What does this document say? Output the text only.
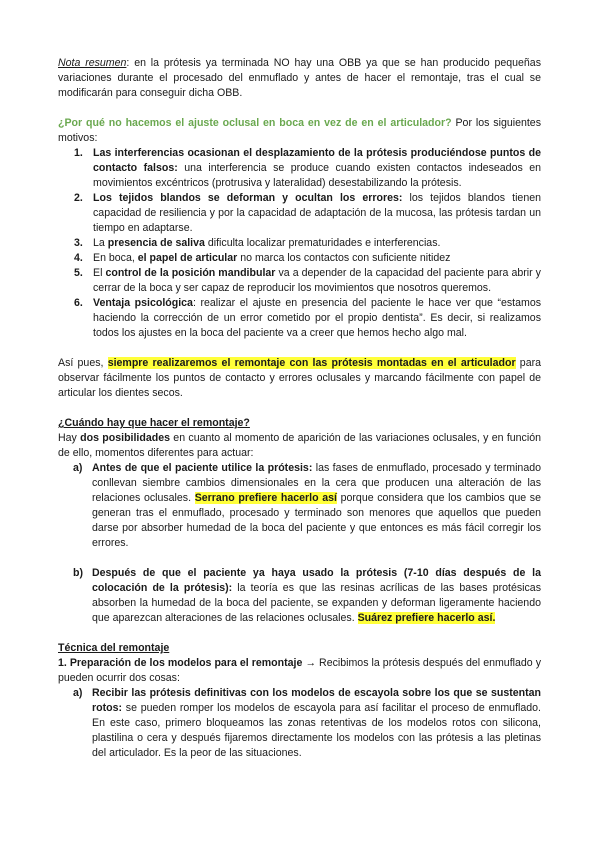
Nota resumen: en la prótesis ya terminada NO hay una OBB ya que se han producido pequeñas variaciones durante el procesado del enmuflado y antes de hacer el remontaje, tras el cual se modificarán para conseguir dicha OBB.

¿Por qué no hacemos el ajuste oclusal en boca en vez de en el articulador? Por los siguientes motivos:

1. Las interferencias ocasionan el desplazamiento de la prótesis produciéndose puntos de contacto falsos: una interferencia se produce cuando existen contactos indeseados en movimientos excéntricos (protrusiva y lateralidad) desestabilizando la prótesis.
2. Los tejidos blandos se deforman y ocultan los errores: los tejidos blandos tienen capacidad de resiliencia y por la capacidad de adaptación de la mucosa, las prótesis tardan un tiempo en adaptarse.
3. La presencia de saliva dificulta localizar prematuridades e interferencias.
4. En boca, el papel de articular no marca los contactos con suficiente nitidez
5. El control de la posición mandibular va a depender de la capacidad del paciente para abrir y cerrar de la boca y ser capaz de reproducir los movimientos que nosotros queremos.
6. Ventaja psicológica: realizar el ajuste en presencia del paciente le hace ver que “estamos haciendo la corrección de un error cometido por el propio dentista”. Es decir, si realizamos todos los ajustes en la boca del paciente va a creer que hemos hecho algo mal.

Así pues, siempre realizaremos el remontaje con las prótesis montadas en el articulador para observar fácilmente los puntos de contacto y errores oclusales y marcando fácilmente con papel de articular los dientes secos.

¿Cuándo hay que hacer el remontaje?

Hay dos posibilidades en cuanto al momento de aparición de las variaciones oclusales, y en función de ello, momentos diferentes para actuar:

a) Antes de que el paciente utilice la prótesis: las fases de enmuflado, procesado y terminado conllevan siembre cambios dimensionales en la cera que producen una alteración de las relaciones oclusales. Serrano prefiere hacerlo así porque considera que los cambios que se generan tras el enmuflado, procesado y terminado son menores que aquellos que pueden darse por absorber humedad de la boca del paciente y que entonces es más fácil corregir los errores.
b) Después de que el paciente ya haya usado la prótesis (7-10 días después de la colocación de la prótesis): la teoría es que las resinas acrílicas de las bases protésicas absorben la humedad de la boca del paciente, se expanden y deforman ligeramente haciendo que aparezcan alteraciones de las relaciones oclusales. Suárez prefiere hacerlo así.

Técnica del remontaje

1. Preparación de los modelos para el remontaje → Recibimos la prótesis después del enmuflado y pueden ocurrir dos cosas:

a) Recibir las prótesis definitivas con los modelos de escayola sobre los que se sustentan rotos: se pueden romper los modelos de escayola para así facilitar el proceso de enmuflado. En este caso, primero bloqueamos las zonas retentivas de los modelos rotos con silicona, plastilina o cera y después fijaremos directamente los modelos con las prótesis a las pletinas del articulador. Es la peor de las situaciones.
